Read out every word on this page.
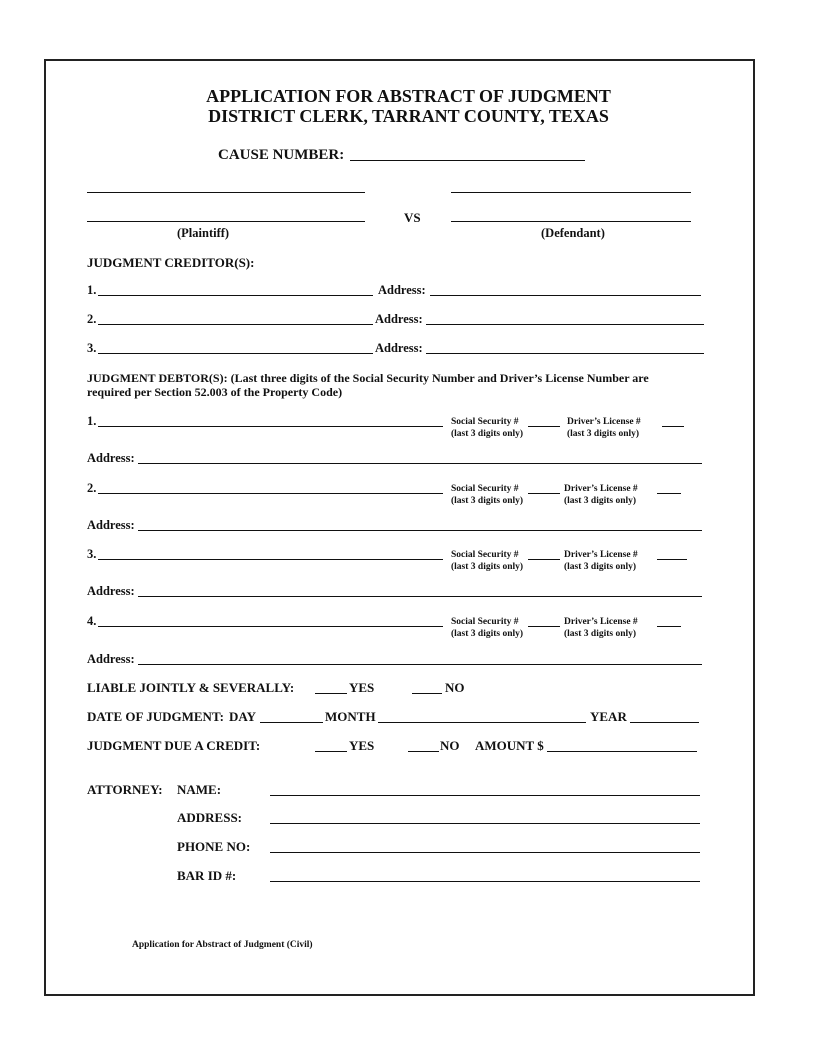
APPLICATION FOR ABSTRACT OF JUDGMENT
DISTRICT CLERK, TARRANT COUNTY, TEXAS
CAUSE NUMBER:
VS
(Plaintiff)	(Defendant)
JUDGMENT CREDITOR(S):
1.	Address:
2.	Address:
3.	Address:
JUDGMENT DEBTOR(S): (Last three digits of the Social Security Number and Driver’s License Number are
required per Section 52.003 of the Property Code)
1.	Social Security #	Driver’s License #
(last 3 digits only)	(last 3 digits only)
Address:
2.	Social Security #	Driver’s License #
(last 3 digits only)	(last 3 digits only)
Address:
3.	Social Security #	Driver’s License #
(last 3 digits only)	(last 3 digits only)
Address:
4.	Social Security #	Driver’s License #
(last 3 digits only)	(last 3 digits only)
Address:
LIABLE JOINTLY & SEVERALLY:	YES	NO
DATE OF JUDGMENT: DAY	MONTH	YEAR
JUDGMENT DUE A CREDIT:	YES	NO AMOUNT $
ATTORNEY: NAME:
ADDRESS:
PHONE NO:
BAR ID #:
Application for Abstract of Judgment (Civil)
